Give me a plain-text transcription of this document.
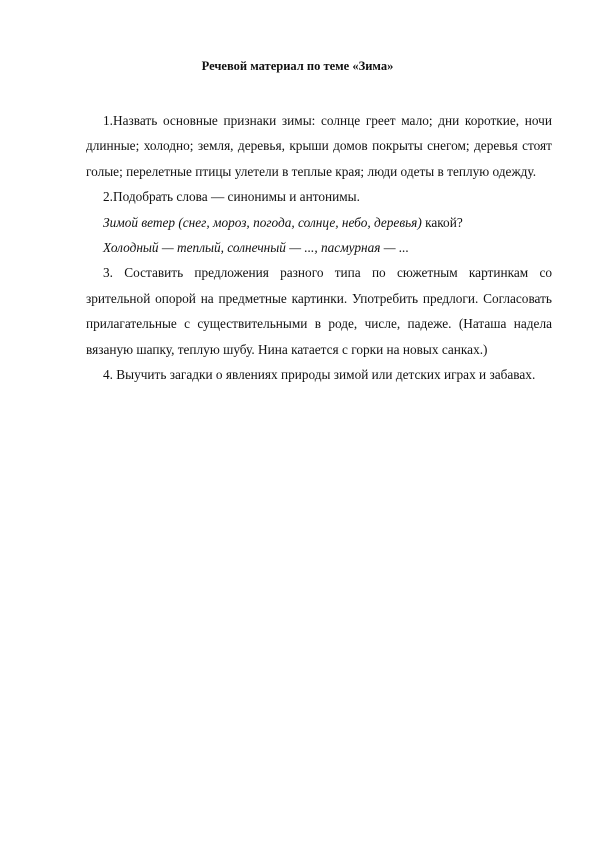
Речевой материал по теме «Зима»

1.Назвать основные признаки зимы: солнце греет мало; дни короткие, ночи длинные; холодно; земля, деревья, крыши домов покрыты снегом; деревья стоят голые; перелетные птицы улетели в теплые края; люди одеты в теплую одежду.

2.Подобрать слова — синонимы и антонимы.

Зимой ветер (снег, мороз, погода, солнце, небо, деревья) какой?

Холодный — теплый, солнечный — ..., пасмурная — ...

3. Составить предложения разного типа по сюжетным картинкам со зрительной опорой на предметные картинки. Употребить предлоги. Согласовать прилагательные с существительными в роде, числе, падеже. (Наташа надела вязаную шапку, теплую шубу. Нина катается с горки на новых санках.)

4. Выучить загадки о явлениях природы зимой или детских играх и забавах.
